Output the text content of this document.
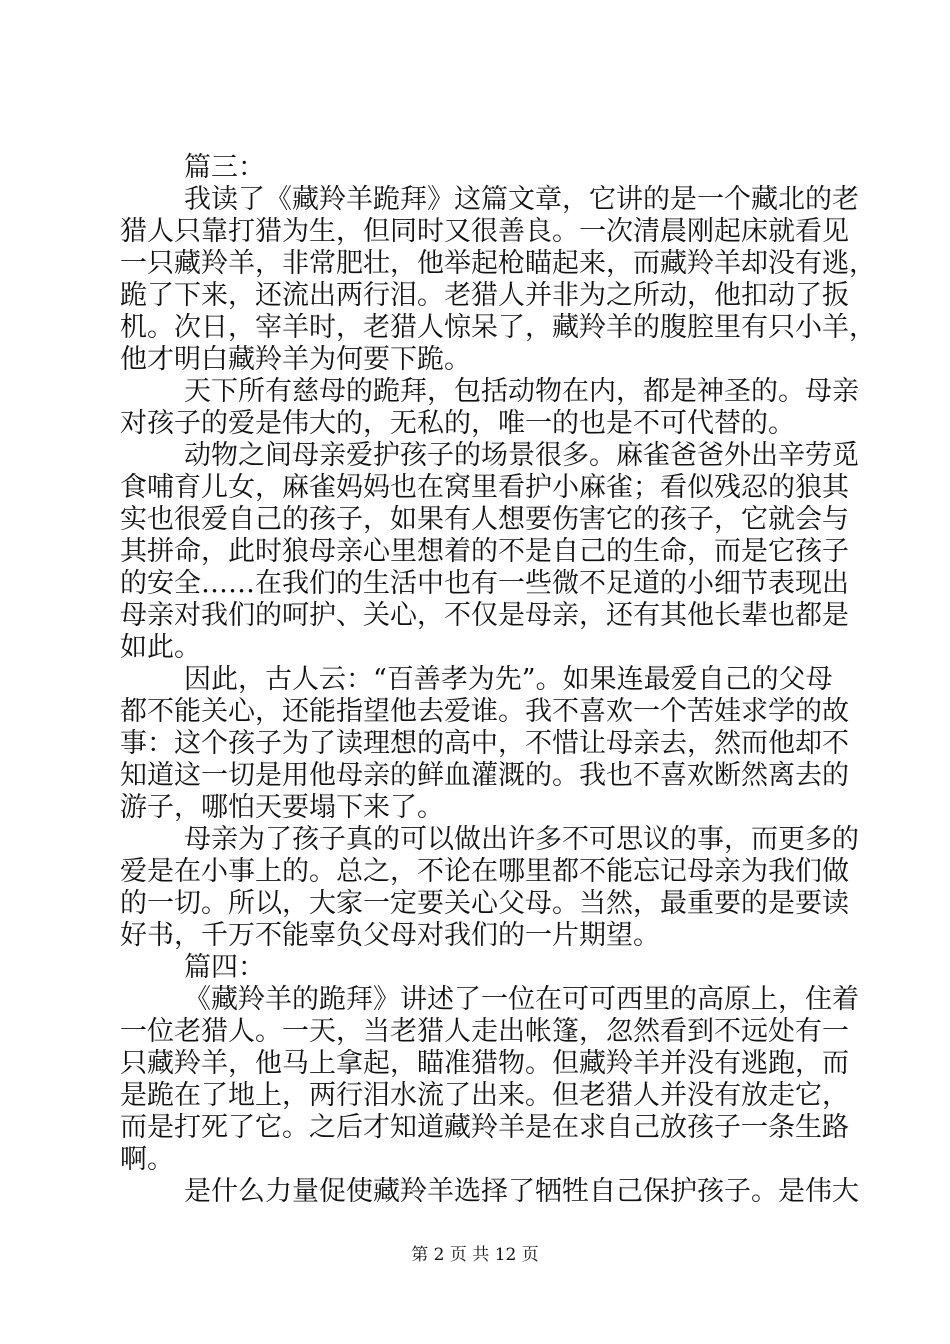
篇三：
我读了《藏羚羊跪拜》这篇文章，它讲的是一个藏北的老
猎人只靠打猎为生，但同时又很善良。一次清晨刚起床就看见
一只藏羚羊，非常肥壮，他举起枪瞄起来，而藏羚羊却没有逃，
跪了下来，还流出两行泪。老猎人并非为之所动，他扣动了扳
机。次日，宰羊时，老猎人惊呆了，藏羚羊的腹腔里有只小羊，
他才明白藏羚羊为何要下跪。
天下所有慈母的跪拜，包括动物在内，都是神圣的。母亲
对孩子的爱是伟大的，无私的，唯一的也是不可代替的。
动物之间母亲爱护孩子的场景很多。麻雀爸爸外出辛劳觅
食哺育儿女，麻雀妈妈也在窝里看护小麻雀；看似残忍的狼其
实也很爱自己的孩子，如果有人想要伤害它的孩子，它就会与
其拼命，此时狼母亲心里想着的不是自己的生命，而是它孩子
的安全……在我们的生活中也有一些微不足道的小细节表现出
母亲对我们的呵护、关心，不仅是母亲，还有其他长辈也都是
如此。
因此，古人云：“百善孝为先”。如果连最爱自己的父母
都不能关心，还能指望他去爱谁。我不喜欢一个苦娃求学的故
事：这个孩子为了读理想的高中，不惜让母亲去，然而他却不
知道这一切是用他母亲的鲜血灌溉的。我也不喜欢断然离去的
游子，哪怕天要塌下来了。
母亲为了孩子真的可以做出许多不可思议的事，而更多的
爱是在小事上的。总之，不论在哪里都不能忘记母亲为我们做
的一切。所以，大家一定要关心父母。当然，最重要的是要读
好书，千万不能辜负父母对我们的一片期望。
篇四：
《藏羚羊的跪拜》讲述了一位在可可西里的高原上，住着
一位老猎人。一天，当老猎人走出帐篷，忽然看到不远处有一
只藏羚羊，他马上拿起，瞄准猎物。但藏羚羊并没有逃跑，而
是跪在了地上，两行泪水流了出来。但老猎人并没有放走它，
而是打死了它。之后才知道藏羚羊是在求自己放孩子一条生路
啊。
是什么力量促使藏羚羊选择了牺牲自己保护孩子。是伟大
第 2 页 共 12 页
